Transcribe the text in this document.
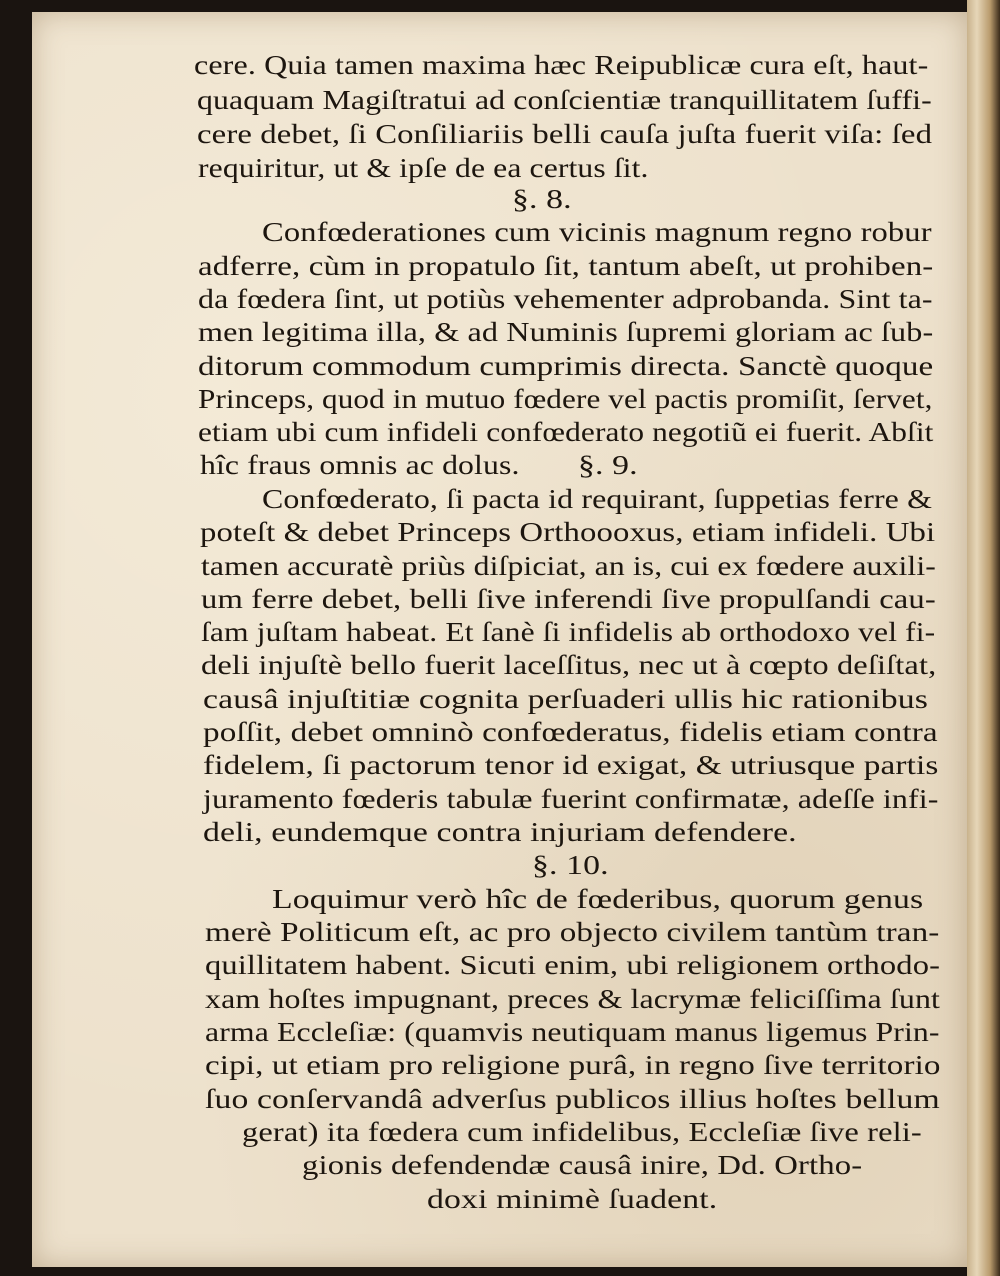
cere. Quia tamen maxima hæc Reipublicæ cura eſt, haut-
quaquam Magiſtratui ad conſcientiæ tranquillitatem ſuffi-
cere debet, ſi Conſiliariis belli cauſa juſta fuerit viſa: ſed
requiritur, ut & ipſe de ea certus ſit.
§. 8.
Confœderationes cum vicinis magnum regno robur
adferre, cùm in propatulo ſit, tantum abeſt, ut prohiben-
da fœdera ſint, ut potiùs vehementer adprobanda. Sint ta-
men legitima illa, & ad Numinis ſupremi gloriam ac ſub-
ditorum commodum cumprimis directa. Sanctè quoque
Princeps, quod in mutuo fœdere vel pactis promiſit, ſervet,
etiam ubi cum infideli confœderato negotiũ ei fuerit. Abſit
hîc fraus omnis ac dolus. §. 9.
Confœderato, ſi pacta id requirant, ſuppetias ferre &
poteſt & debet Princeps Orthoooxus, etiam infideli. Ubi
tamen accuratè priùs diſpiciat, an is, cui ex fœdere auxili-
um ferre debet, belli ſive inferendi ſive propulſandi cau-
ſam juſtam habeat. Et ſanè ſi infidelis ab orthodoxo vel fi-
deli injuſtè bello fuerit laceſſitus, nec ut à cœpto deſiſtat,
causâ injuſtitiæ cognita perſuaderi ullis hic rationibus
poſſit, debet omninò confœderatus, fidelis etiam contra
fidelem, ſi pactorum tenor id exigat, & utriusque partis
juramento fœderis tabulæ fuerint confirmatæ, adeſſe infi-
deli, eundemque contra injuriam defendere.
§. 10.
Loquimur verò hîc de fœderibus, quorum genus
merè Politicum eſt, ac pro objecto civilem tantùm tran-
quillitatem habent. Sicuti enim, ubi religionem orthodo-
xam hoſtes impugnant, preces & lacrymæ feliciſſima ſunt
arma Eccleſiæ: (quamvis neutiquam manus ligemus Prin-
cipi, ut etiam pro religione purâ, in regno ſive territorio
ſuo conſervandâ adverſus publicos illius hoſtes bellum
gerat) ita fœdera cum infidelibus, Eccleſiæ ſive reli-
gionis defendendæ causâ inire, Dd. Ortho-
doxi minimè ſuadent.
